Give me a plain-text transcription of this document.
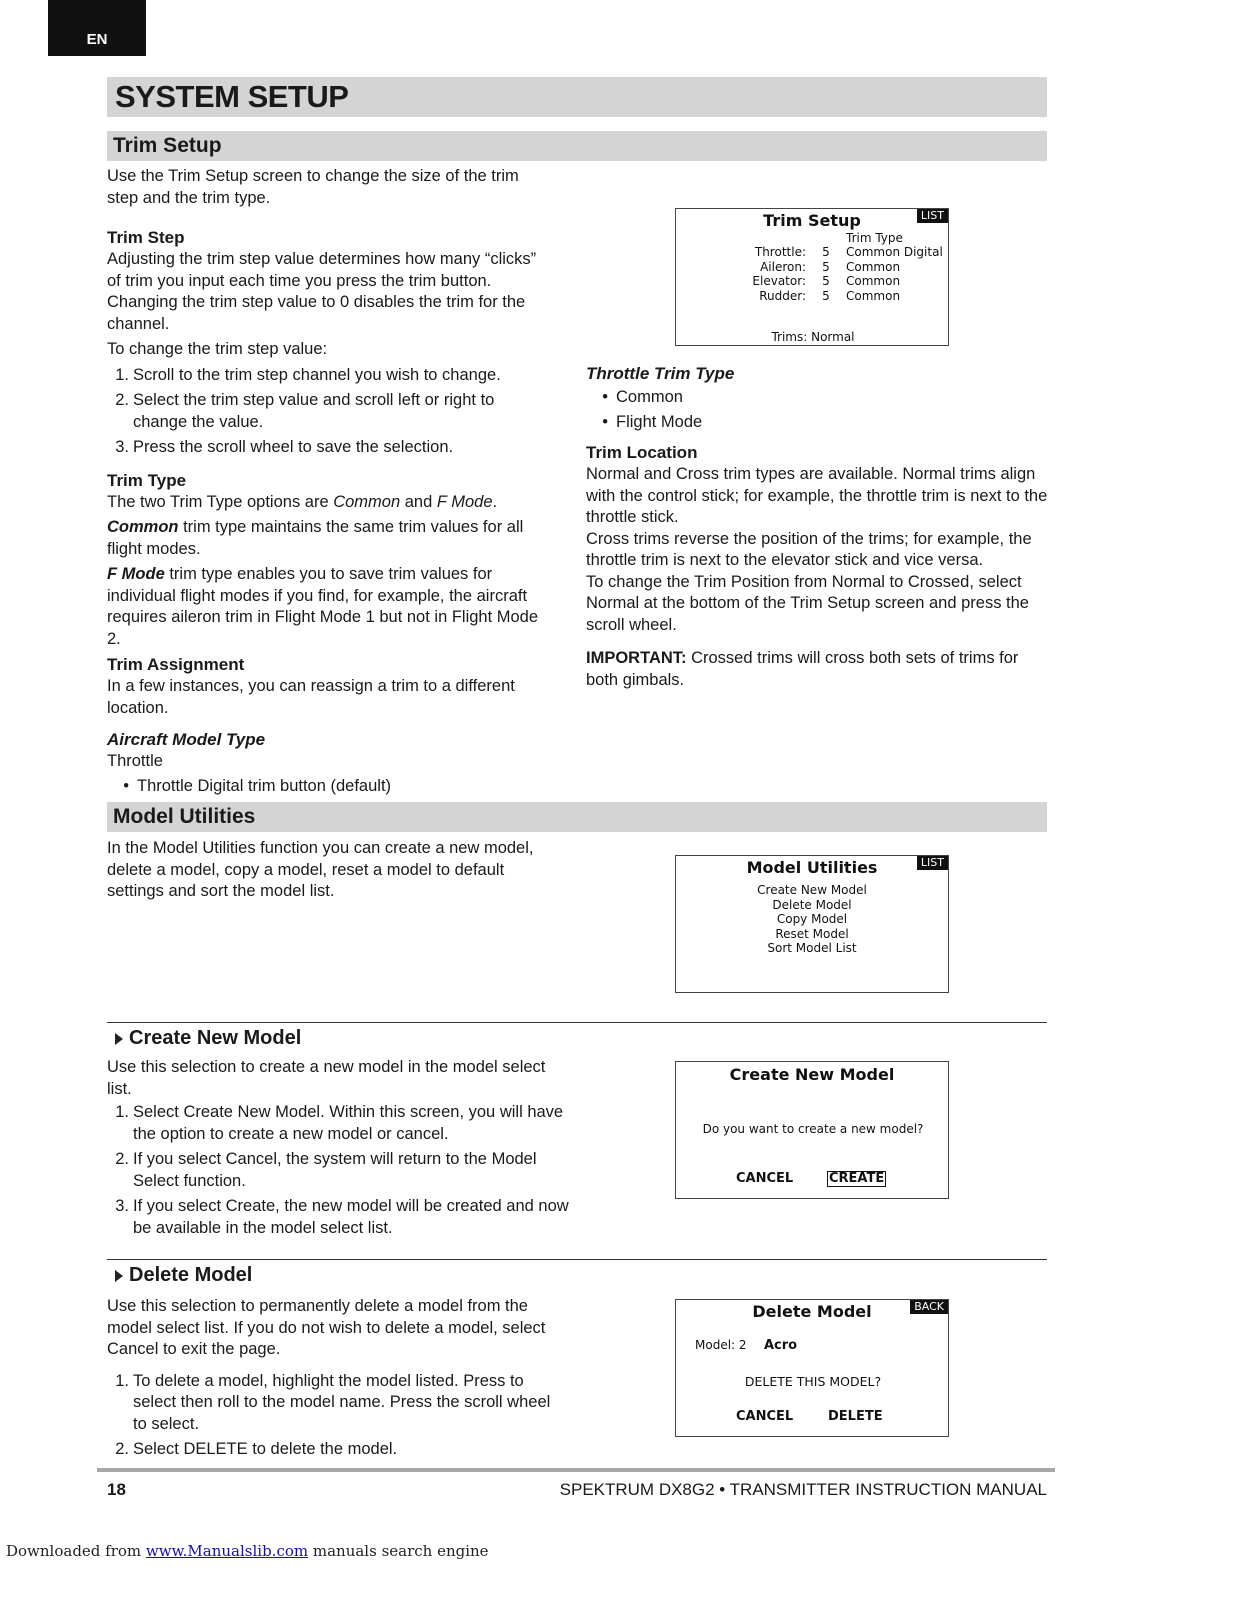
EN
SYSTEM SETUP
Trim Setup

Use the Trim Setup screen to change the size of the trim step and the trim type.

Trim Step

Adjusting the trim step value determines how many “clicks” of trim you input each time you press the trim button. Changing the trim step value to 0 disables the trim for the channel.

To change the trim step value:

1. Scroll to the trim step channel you wish to change.
2. Select the trim step value and scroll left or right to change the value.
3. Press the scroll wheel to save the selection.

Trim Type

The two Trim Type options are Common and F Mode.

Common trim type maintains the same trim values for all flight modes.

F Mode trim type enables you to save trim values for individual flight modes if you find, for example, the aircraft requires aileron trim in Flight Mode 1 but not in Flight Mode 2.

Trim Assignment

In a few instances, you can reassign a trim to a different location.

Aircraft Model Type

Throttle

• Throttle Digital trim button (default)
LIST
Trim Setup
Trim Type
Throttle:	5	Common Digital
Aileron:	5	Common
Elevator:	5	Common
Rudder:	5	Common
Trims: Normal

Throttle Trim Type

• Common
• Flight Mode

Trim Location

Normal and Cross trim types are available. Normal trims align with the control stick; for example, the throttle trim is next to the throttle stick.

Cross trims reverse the position of the trims; for example, the throttle trim is next to the elevator stick and vice versa.

To change the Trim Position from Normal to Crossed, select Normal at the bottom of the Trim Setup screen and press the scroll wheel.

IMPORTANT: Crossed trims will cross both sets of trims for both gimbals.

Model Utilities
In the Model Utilities function you can create a new model, delete a model, copy a model, reset a model to default settings and sort the model list.
LIST
Model Utilities
Create New Model
Delete Model
Copy Model
Reset Model
Sort Model List
Create New Model

Use this selection to create a new model in the model select list.

1. Select Create New Model. Within this screen, you will have the option to create a new model or cancel.
2. If you select Cancel, the system will return to the Model Select function.
3. If you select Create, the new model will be created and now be available in the model select list.
Create New Model
Do you want to create a new model?
CANCEL	CREATE
Delete Model

Use this selection to permanently delete a model from the model select list. If you do not wish to delete a model, select Cancel to exit the page.

1. To delete a model, highlight the model listed. Press to select then roll to the model name. Press the scroll wheel to select.
2. Select DELETE to delete the model.
BACK
Delete Model
Model: 2 Acro
DELETE THIS MODEL?
CANCEL	DELETE
18	SPEKTRUM DX8G2 • TRANSMITTER INSTRUCTION MANUAL
Downloaded from www.Manualslib.com manuals search engine
